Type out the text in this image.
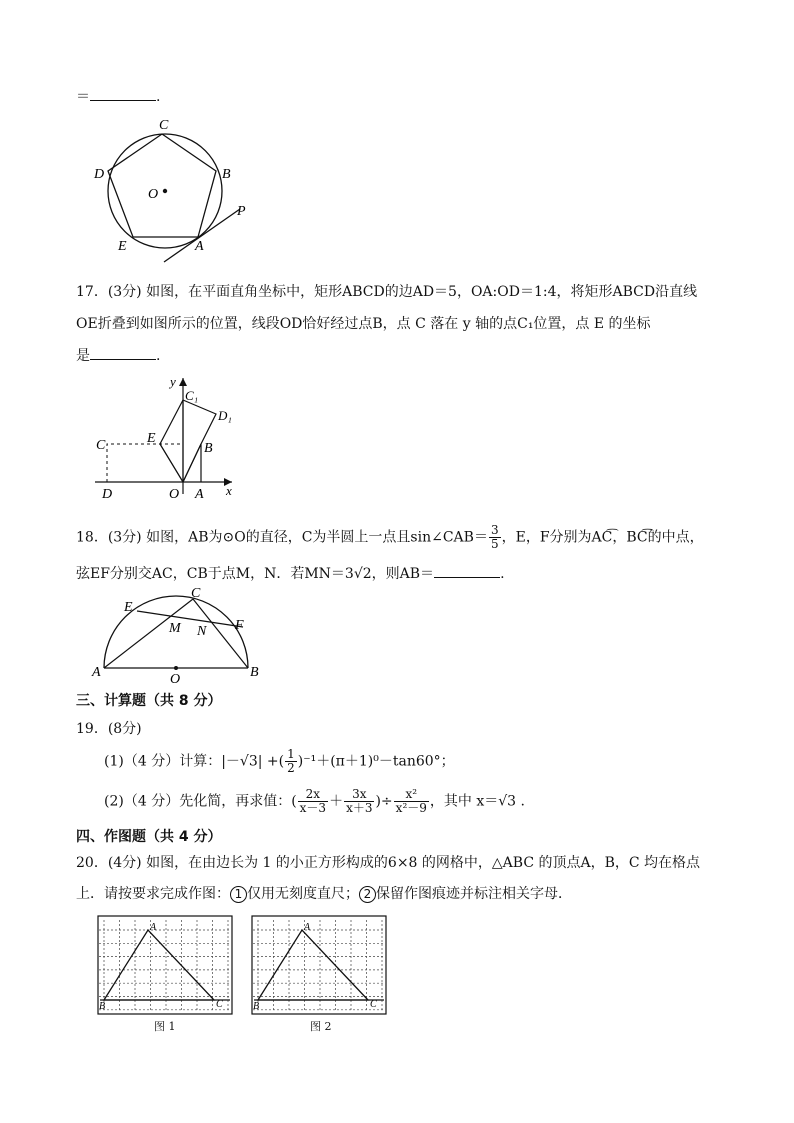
＝	.
C
B
D
O
E	A
P
17．(3分) 如图，在平面直角坐标中，矩形ABCD的边AD＝5，OA:OD＝1:4，将矩形ABCD沿直线
OE折叠到如图所示的位置，线段OD恰好经过点B，点 C 落在 y 轴的点C₁位置，点 E 的坐标
是	.
y
x
C₁
D₁
C	E
B
D	O A
18．(3分) 如图，AB为⊙O的直径，C为半圆上一点且sin∠CAB＝ $\frac{3}{5}$ ，E，F分别为AC͡，BC͡的中点，
弦EF分别交AC，CB于点M，N．若MN＝3√2，则AB＝	.
E
C
M N F
A	O	B
三、计算题（共 8 分）
19．(8分)
(1)（4 分）计算：|－√3| +( $\frac{1}{2} )^{-1}+(\pi+1)^0-\tan 60^\circ$；
(2)（4 分）先化简，再求值：( $\frac{2x}{x-3} + \frac{3x}{x+3}$ )÷ $\frac{\text{x²}}{\text{x²－9}}$ ，其中 x＝√3 .
四、作图题（共 4 分）
20．(4分) 如图，在由边长为 1 的小正方形构成的6×8 的网格中，△ABC 的顶点A，B，C 均在格点
上．请按要求完成作图： 1 仅用无刻度直尺； 2 保留作图痕迹并标注相关字母．
A
B	C
A
B	C
图 1	图 2
